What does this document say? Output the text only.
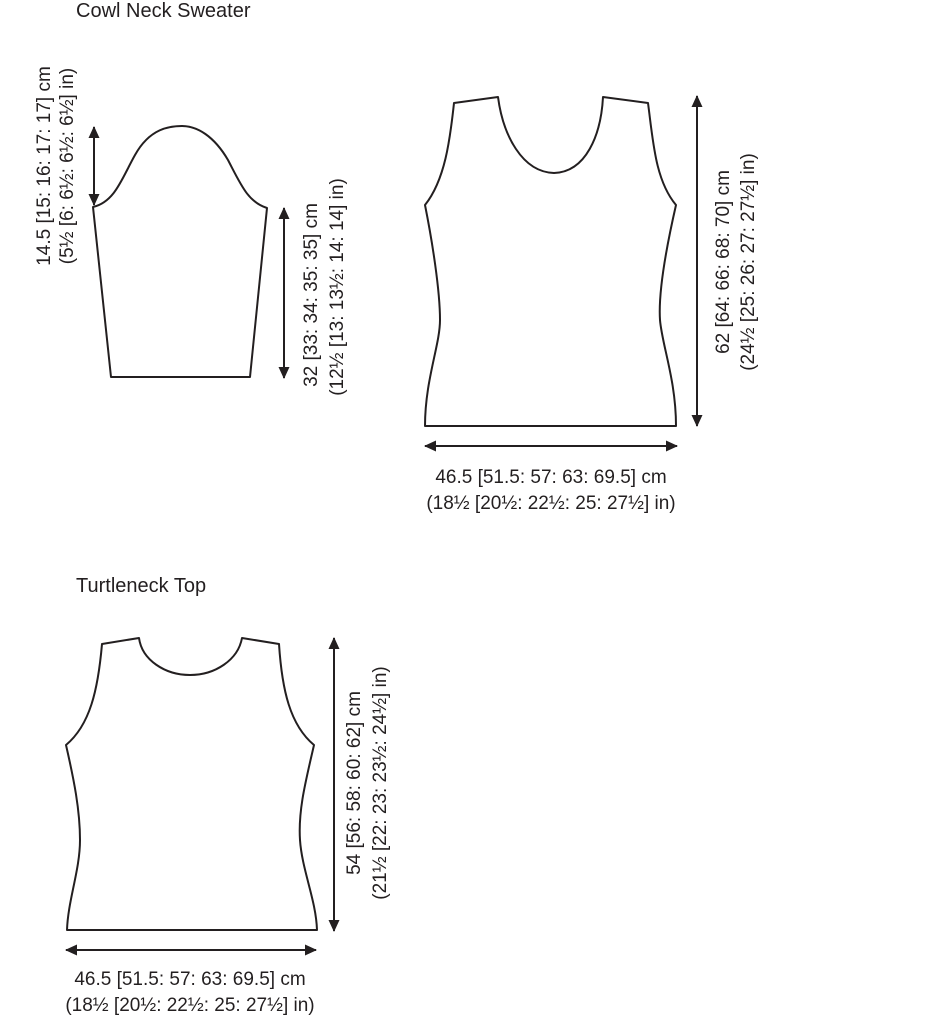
Cowl Neck Sweater
Turtleneck Top
14.5 [15: 16: 17: 17] cm (5½ [6: 6½: 6½: 6½] in)
32 [33: 34: 35: 35] cm (12½ [13: 13½: 14: 14] in)	62 [64: 66: 68: 70] cm (24½ [25: 26: 27: 27½] in)
46.5 [51.5: 57: 63: 69.5] cm
(18½ [20½: 22½: 25: 27½] in)
54 [56: 58: 60: 62] cm (21½ [22: 23: 23½: 24½] in)
46.5 [51.5: 57: 63: 69.5] cm
(18½ [20½: 22½: 25: 27½] in)
